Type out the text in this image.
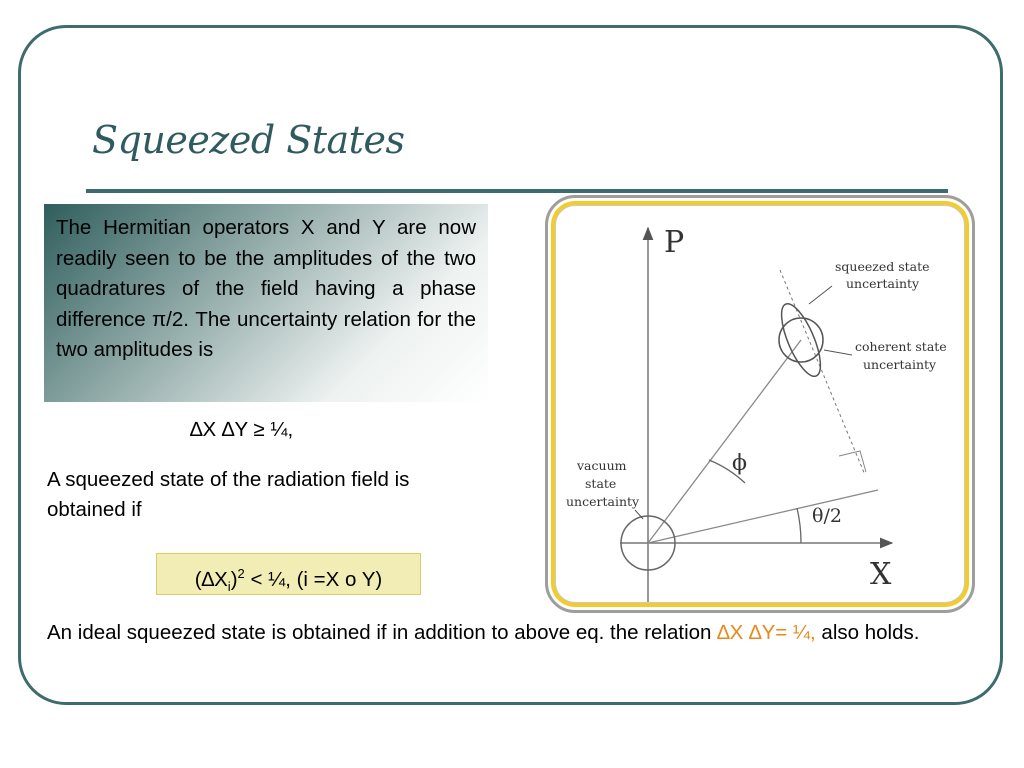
Squeezed States

The Hermitian operators X and Y are now readily seen to be the amplitudes of the two quadratures of the field having a phase difference π/2. The uncertainty relation for the two amplitudes is

∆X ∆Y ≥ ¼,
A squeezed state of the radiation field is obtained if
$(\Delta X_i)^2$ < ¼, (i =X o Y)
An ideal squeezed state is obtained if in addition to above eq. the relation ∆X ∆Y= ¼, also holds.
P
X
ϕ
θ/2
squeezed state
uncertainty
coherent state
uncertainty
vacuum
state
uncertainty
